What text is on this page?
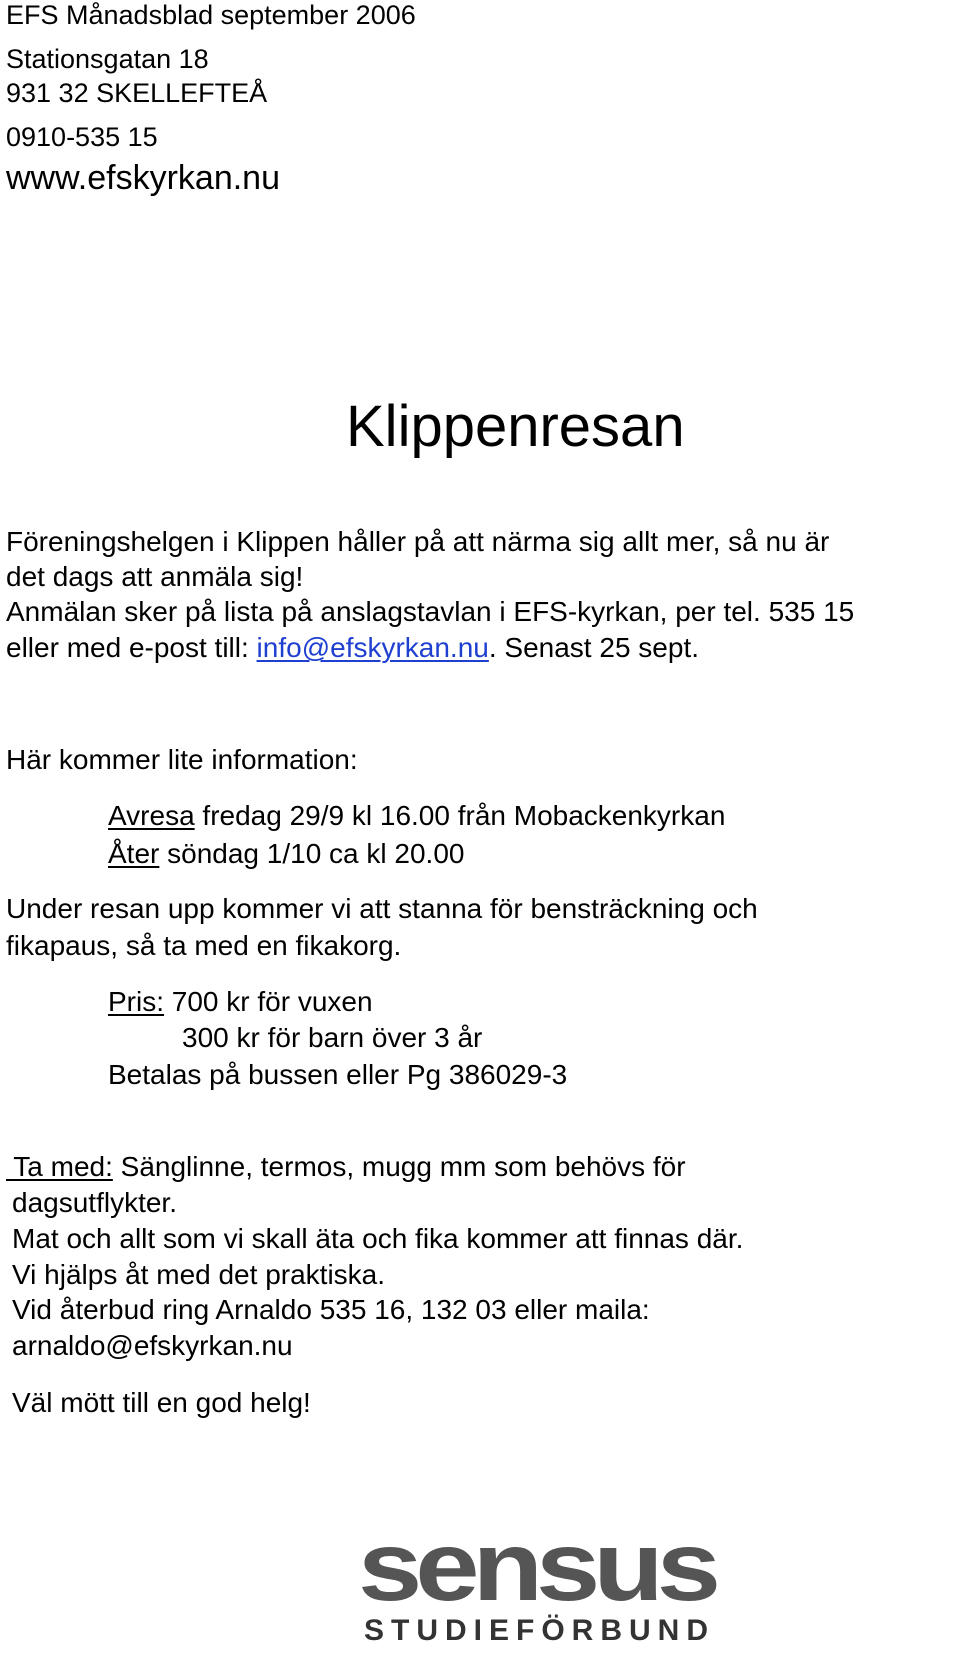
EFS Månadsblad september 2006
Stationsgatan 18
931 32 SKELLEFTEÅ
0910-535 15
www.efskyrkan.nu
Klippenresan
Föreningshelgen i Klippen håller på att närma sig allt mer, så nu är
det dags att anmäla sig!
Anmälan sker på lista på anslagstavlan i EFS-kyrkan, per tel. 535 15
eller med e-post till: info@efskyrkan.nu. Senast 25 sept.
Här kommer lite information:
Avresa fredag 29/9 kl 16.00 från Mobackenkyrkan
Åter söndag 1/10 ca kl 20.00
Under resan upp kommer vi att stanna för bensträckning och
fikapaus, så ta med en fikakorg.
Pris: 700 kr för vuxen
300 kr för barn över 3 år
Betalas på bussen eller Pg 386029-3
Ta med: Sänglinne, termos, mugg mm som behövs för
dagsutflykter.
Mat och allt som vi skall äta och fika kommer att finnas där.
Vi hjälps åt med det praktiska.
Vid återbud ring Arnaldo 535 16, 132 03 eller maila:
arnaldo@efskyrkan.nu
Väl mött till en god helg!
sensus
STUDIEFÖRBUND
